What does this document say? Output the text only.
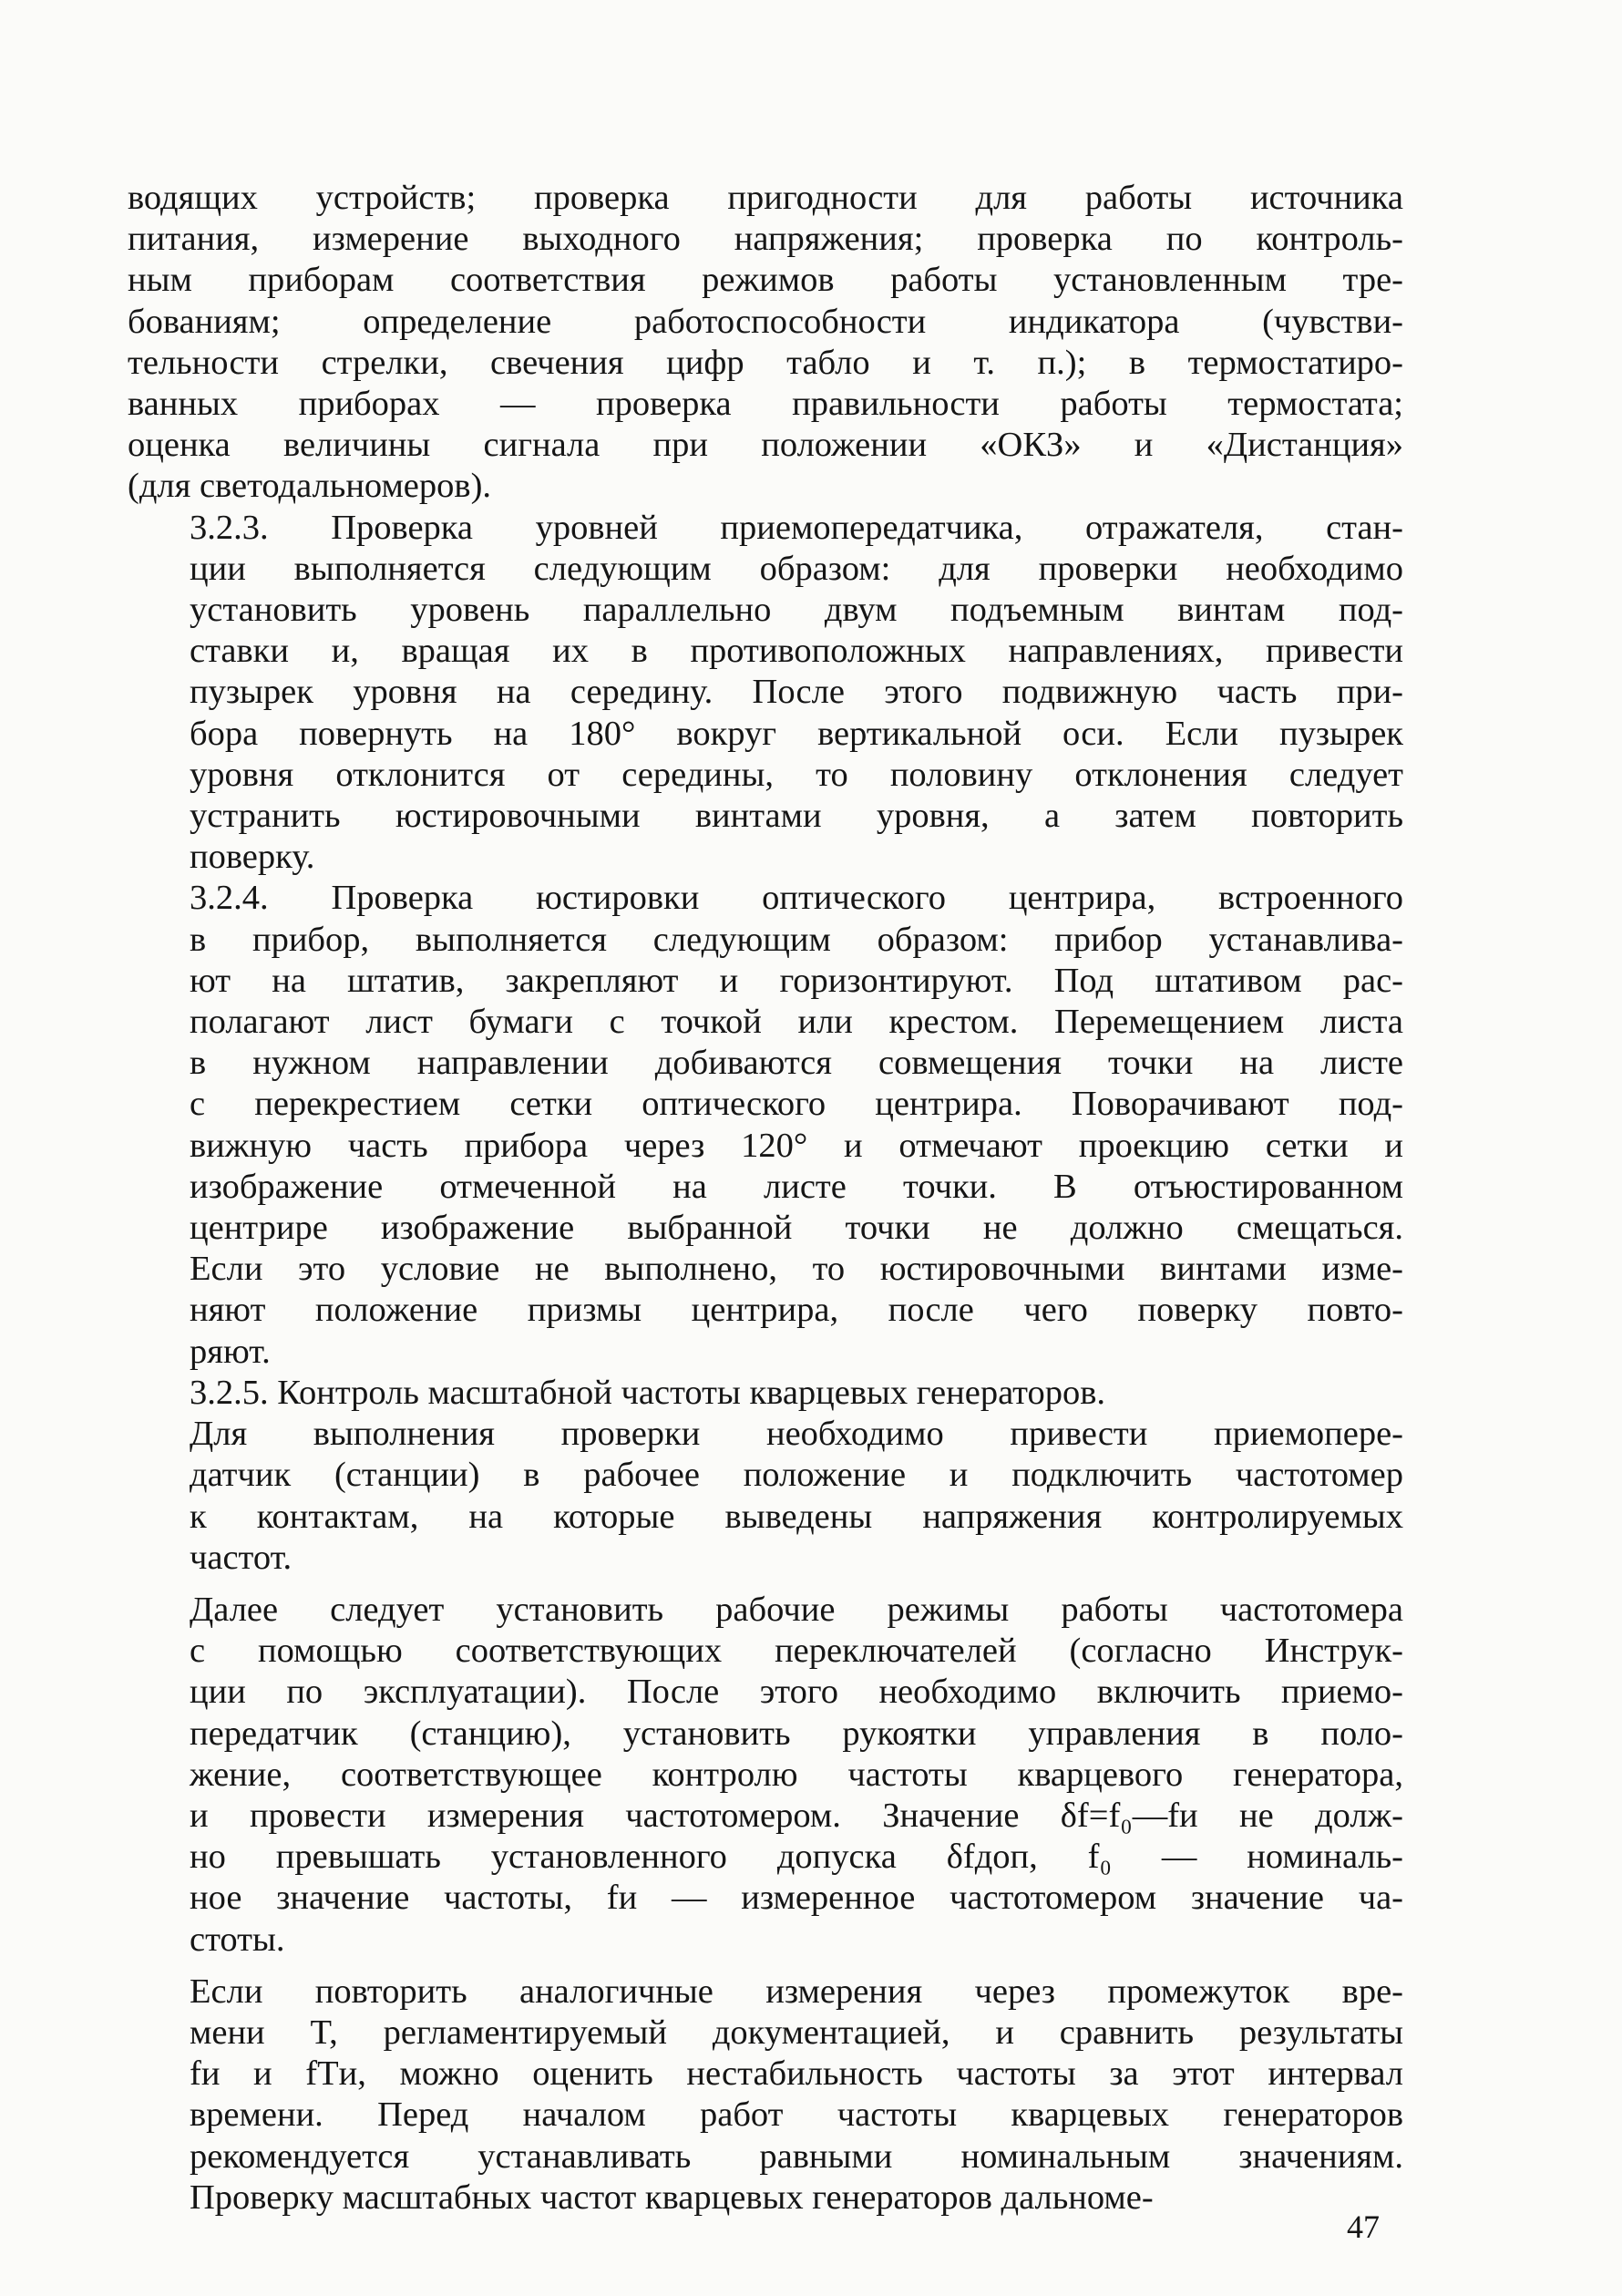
водящих устройств; проверка пригодности для работы источника
питания, измерение выходного напряжения; проверка по контроль-
ным приборам соответствия режимов работы установленным тре-
бованиям; определение работоспособности индикатора (чувстви-
тельности стрелки, свечения цифр табло и т. п.); в термостатиро-
ванных приборах — проверка правильности работы термостата;
оценка величины сигнала при положении «ОКЗ» и «Дистанция»
(для светодальномеров).

3.2.3. Проверка уровней приемопередатчика, отражателя, стан-
ции выполняется следующим образом: для проверки необходимо
установить уровень параллельно двум подъемным винтам под-
ставки и, вращая их в противоположных направлениях, привести
пузырек уровня на середину. После этого подвижную часть при-
бора повернуть на 180° вокруг вертикальной оси. Если пузырек
уровня отклонится от середины, то половину отклонения следует
устранить юстировочными винтами уровня, а затем повторить
поверку.

3.2.4. Проверка юстировки оптического центрира, встроенного
в прибор, выполняется следующим образом: прибор устанавлива-
ют на штатив, закрепляют и горизонтируют. Под штативом рас-
полагают лист бумаги с точкой или крестом. Перемещением листа
в нужном направлении добиваются совмещения точки на листе
с перекрестием сетки оптического центрира. Поворачивают под-
вижную часть прибора через 120° и отмечают проекцию сетки и
изображение отмеченной на листе точки. В отъюстированном
центрире изображение выбранной точки не должно смещаться.
Если это условие не выполнено, то юстировочными винтами изме-
няют положение призмы центрира, после чего поверку повто-
ряют.

3.2.5. Контроль масштабной частоты кварцевых генераторов.

Для выполнения проверки необходимо привести приемопере-
датчик (станции) в рабочее положение и подключить частотомер
к контактам, на которые выведены напряжения контролируемых
частот.

Далее следует установить рабочие режимы работы частотомера
с помощью соответствующих переключателей (согласно Инструк-
ции по эксплуатации). После этого необходимо включить приемо-
передатчик (станцию), установить рукоятки управления в поло-
жение, соответствующее контролю частоты кварцевого генератора,
и провести измерения частотомером. Значение δf=f₀—fи не долж-
но превышать установленного допуска δfдоп, f₀ — номиналь-
ное значение частоты, fи — измеренное частотомером значение ча-
стоты.

Если повторить аналогичные измерения через промежуток вре-
мени T, регламентируемый документацией, и сравнить результаты
fи и fTи, можно оценить нестабильность частоты за этот интервал
времени. Перед началом работ частоты кварцевых генераторов
рекомендуется устанавливать равными номинальным значениям.
Проверку масштабных частот кварцевых генераторов дальноме-

47
